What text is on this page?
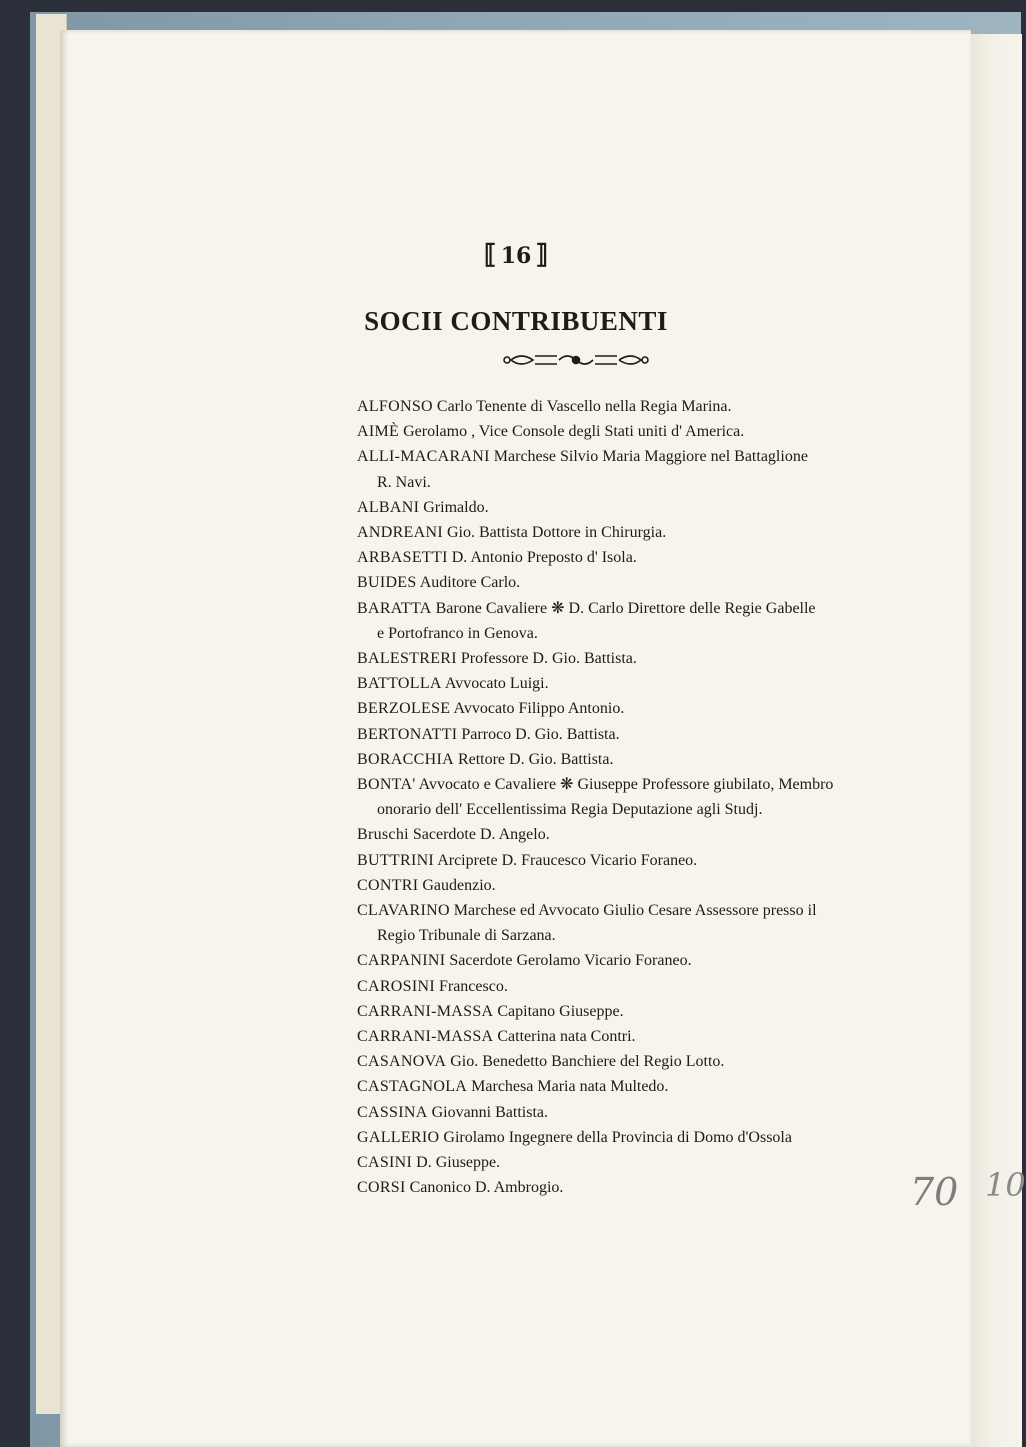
⟦ 16 ⟧
SOCII CONTRIBUENTI
ALFONSO Carlo Tenente di Vascello nella Regia Marina.
AIMÈ Gerolamo , Vice Console degli Stati uniti d' America.
ALLI-MACARANI Marchese Silvio Maria Maggiore nel Battaglione
R. Navi.
ALBANI Grimaldo.
ANDREANI Gio. Battista Dottore in Chirurgia.
ARBASETTI D. Antonio Preposto d' Isola.
BUIDES Auditore Carlo.
BARATTA Barone Cavaliere ❋ D. Carlo Direttore delle Regie Gabelle
e Portofranco in Genova.
BALESTRERI Professore D. Gio. Battista.
BATTOLLA Avvocato Luigi.
BERZOLESE Avvocato Filippo Antonio.
BERTONATTI Parroco D. Gio. Battista.
BORACCHIA Rettore D. Gio. Battista.
BONTA' Avvocato e Cavaliere ❋ Giuseppe Professore giubilato, Membro
onorario dell' Eccellentissima Regia Deputazione agli Studj.
Bruschi Sacerdote D. Angelo.
BUTTRINI Arciprete D. Fraucesco Vicario Foraneo.
CONTRI Gaudenzio.
CLAVARINO Marchese ed Avvocato Giulio Cesare Assessore presso il
Regio Tribunale di Sarzana.
CARPANINI Sacerdote Gerolamo Vicario Foraneo.
CAROSINI Francesco.
CARRANI-MASSA Capitano Giuseppe.
CARRANI-MASSA Catterina nata Contri.
CASANOVA Gio. Benedetto Banchiere del Regio Lotto.
CASTAGNOLA Marchesa Maria nata Multedo.
CASSINA Giovanni Battista.
GALLERIO Girolamo Ingegnere della Provincia di Domo d'Ossola
CASINI D. Giuseppe.
CORSI Canonico D. Ambrogio.	70 10
